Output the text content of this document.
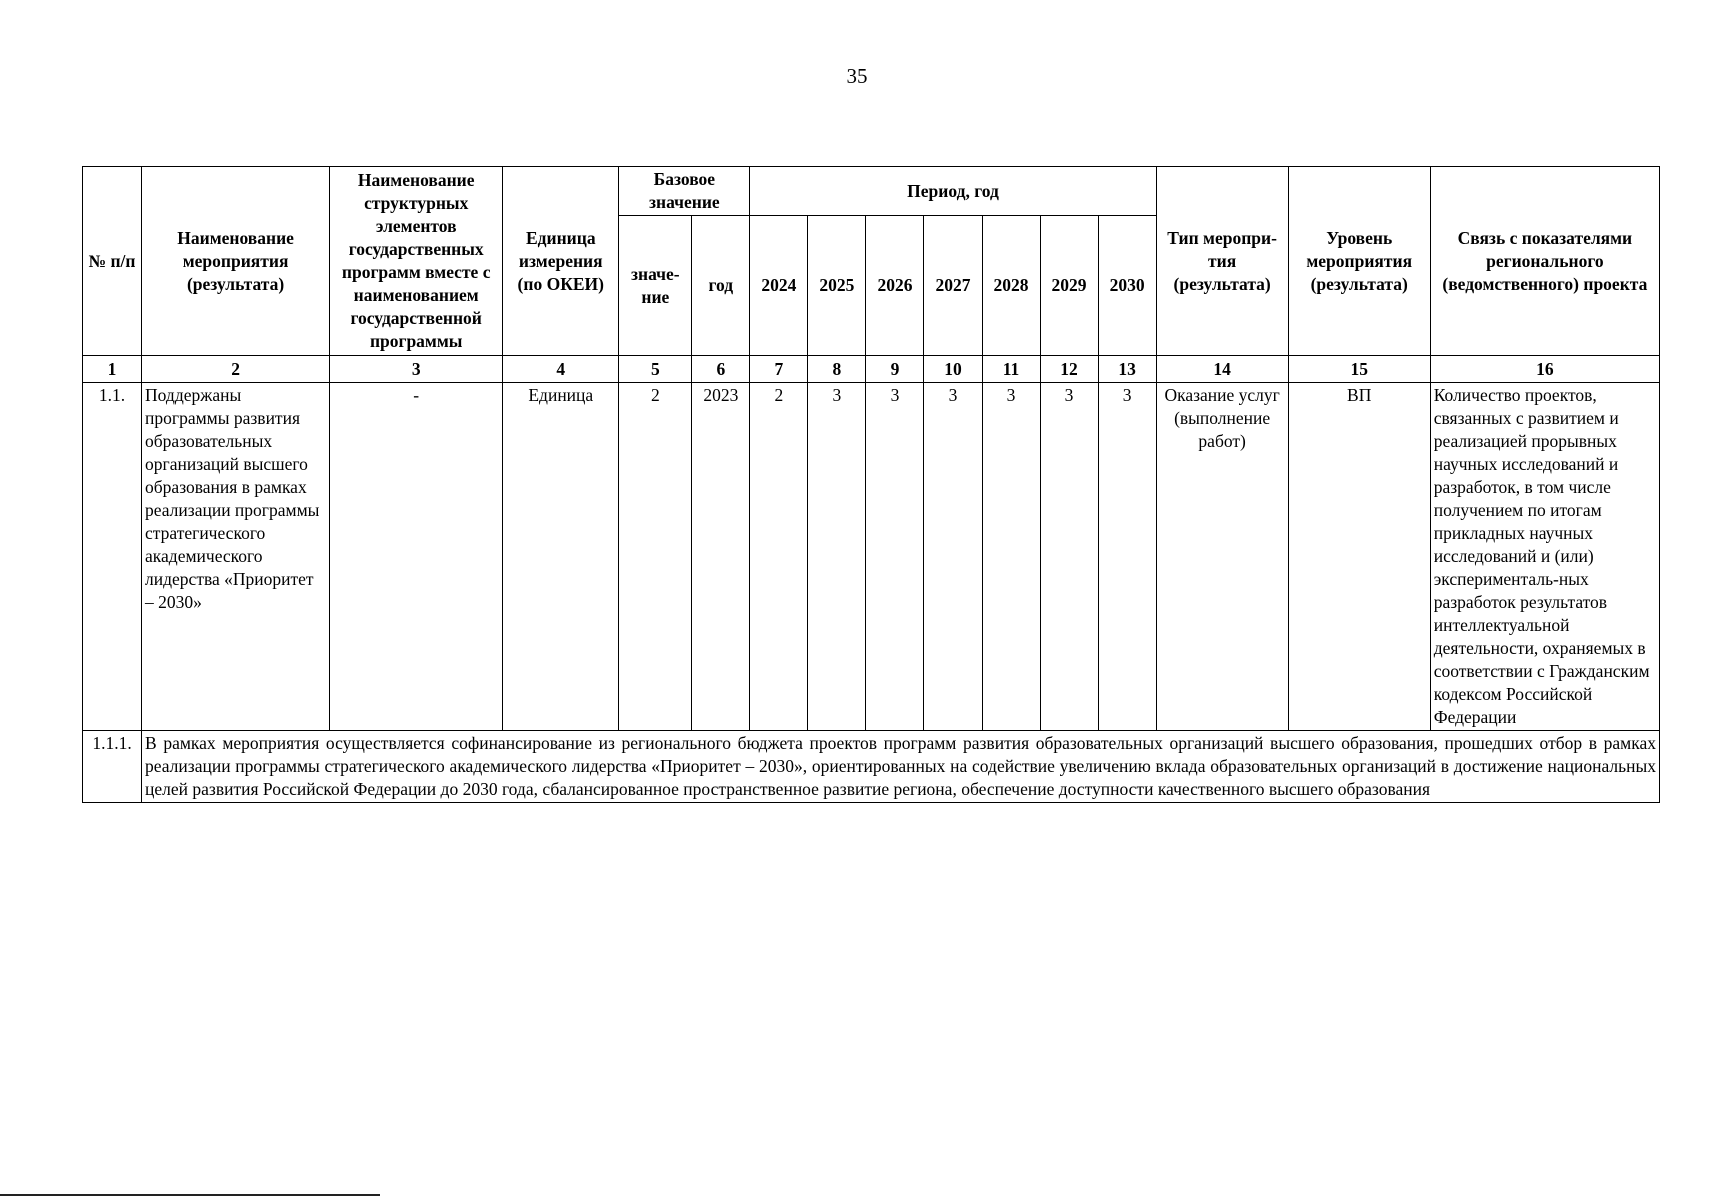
35
№ п/п	Наименование мероприятия (результата)	Наименование структурных элементов государственных программ вместе с наименованием государственной программы	Единица измерения (по ОКЕИ)	Базовое значение		Период, год							Тип меропри-тия (результата)	Уровень мероприятия (результата)	Связь с показателями регионального (ведомственного) проекта
				значе-ние	год	2024	2025	2026	2027	2028	2029	2030			
1	2	3	4	5	6	7	8	9	10	11	12	13	14	15	16
1.1.	Поддержаны программы развития образовательных организаций высшего образования в рамках реализации программы стратегического академического лидерства «Приоритет – 2030»	-	Единица	2	2023	2	3	3	3	3	3	3	Оказание услуг (выполнение работ)	ВП	Количество проектов, связанных с развитием и реализацией прорывных научных исследований и разработок, в том числе получением по итогам прикладных научных исследований и (или) эксперименталь-ных разработок результатов интеллектуальной деятельности, охраняемых в соответствии с Гражданским кодексом Российской Федерации
1.1.1.	В рамках мероприятия осуществляется софинансирование из регионального бюджета проектов программ развития образовательных организаций высшего образования, прошедших отбор в рамках реализации программы стратегического академического лидерства «Приоритет – 2030», ориентированных на содействие увеличению вклада образовательных организаций в достижение национальных целей развития Российской Федерации до 2030 года, сбалансированное пространственное развитие региона, обеспечение доступности качественного высшего образования														
